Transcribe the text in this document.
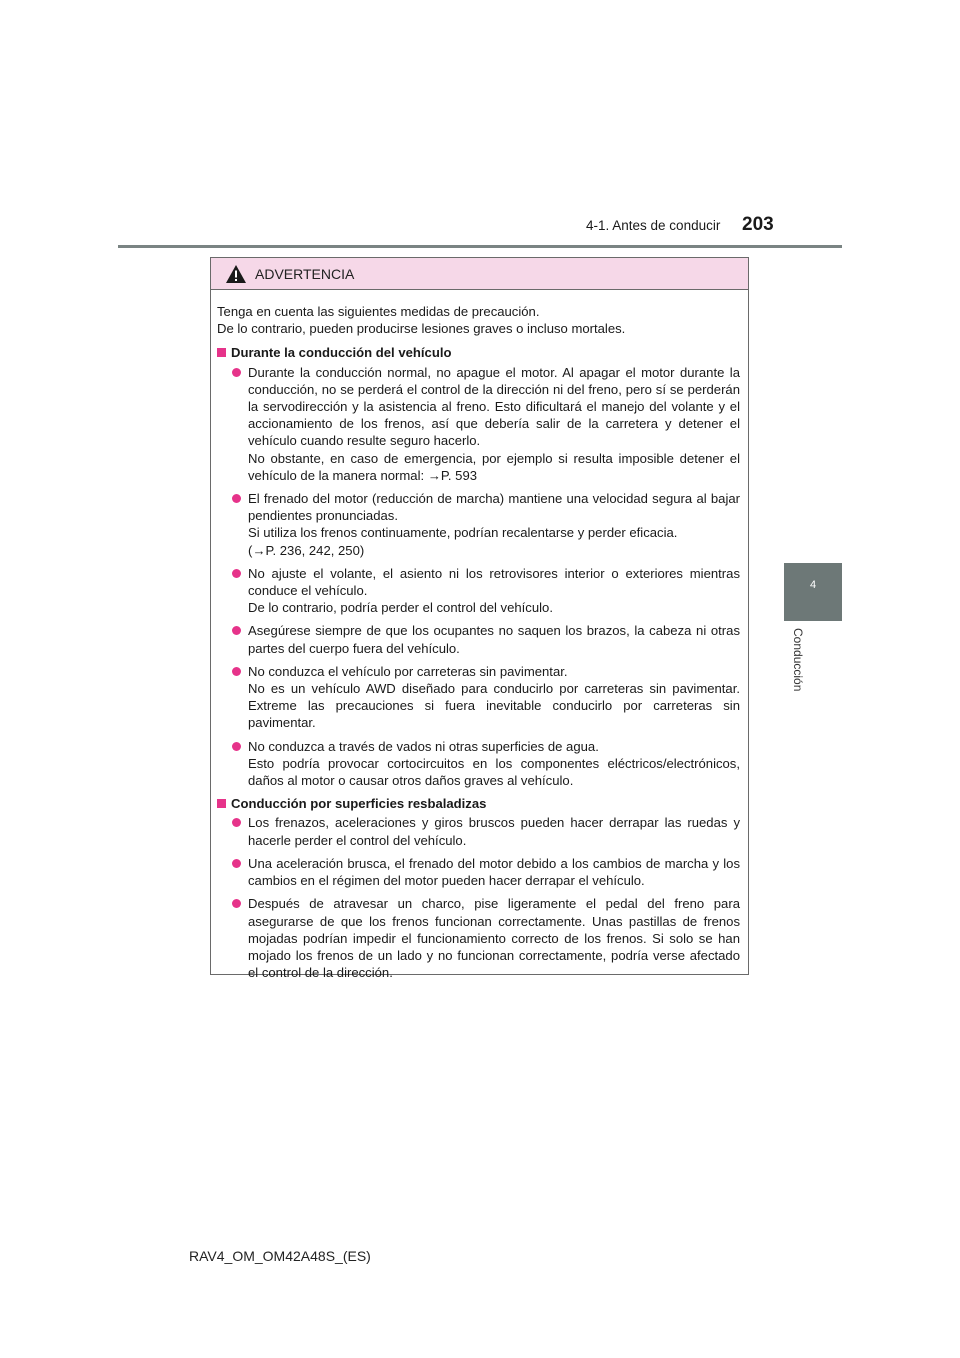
203
4-1. Antes de conducir
4
Conducción
ADVERTENCIA

Tenga en cuenta las siguientes medidas de precaución.

De lo contrario, pueden producirse lesiones graves o incluso mortales.

Durante la conducción del vehículo

Durante la conducción normal, no apague el motor. Al apagar el motor durante la conducción, no se perderá el control de la dirección ni del freno, pero sí se perderán la servodirección y la asistencia al freno. Esto dificultará el manejo del volante y el accionamiento de los frenos, así que debería salir de la carretera y detener el vehículo cuando resulte seguro hacerlo.

No obstante, en caso de emergencia, por ejemplo si resulta imposible detener el vehículo de la manera normal: →P. 593

El frenado del motor (reducción de marcha) mantiene una velocidad segura al bajar pendientes pronunciadas.

Si utiliza los frenos continuamente, podrían recalentarse y perder eficacia.

(→P. 236, 242, 250)

No ajuste el volante, el asiento ni los retrovisores interior o exteriores mientras conduce el vehículo.

De lo contrario, podría perder el control del vehículo.

Asegúrese siempre de que los ocupantes no saquen los brazos, la cabeza ni otras partes del cuerpo fuera del vehículo.

No conduzca el vehículo por carreteras sin pavimentar.

No es un vehículo AWD diseñado para conducirlo por carreteras sin pavimentar. Extreme las precauciones si fuera inevitable conducirlo por carreteras sin pavimentar.

No conduzca a través de vados ni otras superficies de agua.

Esto podría provocar cortocircuitos en los componentes eléctricos/electrónicos, daños al motor o causar otros daños graves al vehículo.

Conducción por superficies resbaladizas

Los frenazos, aceleraciones y giros bruscos pueden hacer derrapar las ruedas y hacerle perder el control del vehículo.

Una aceleración brusca, el frenado del motor debido a los cambios de marcha y los cambios en el régimen del motor pueden hacer derrapar el vehículo.

Después de atravesar un charco, pise ligeramente el pedal del freno para asegurarse de que los frenos funcionan correctamente. Unas pastillas de frenos mojadas podrían impedir el funcionamiento correcto de los frenos. Si solo se han mojado los frenos de un lado y no funcionan correctamente, podría verse afectado el control de la dirección.

RAV4_OM_OM42A48S_(ES)
